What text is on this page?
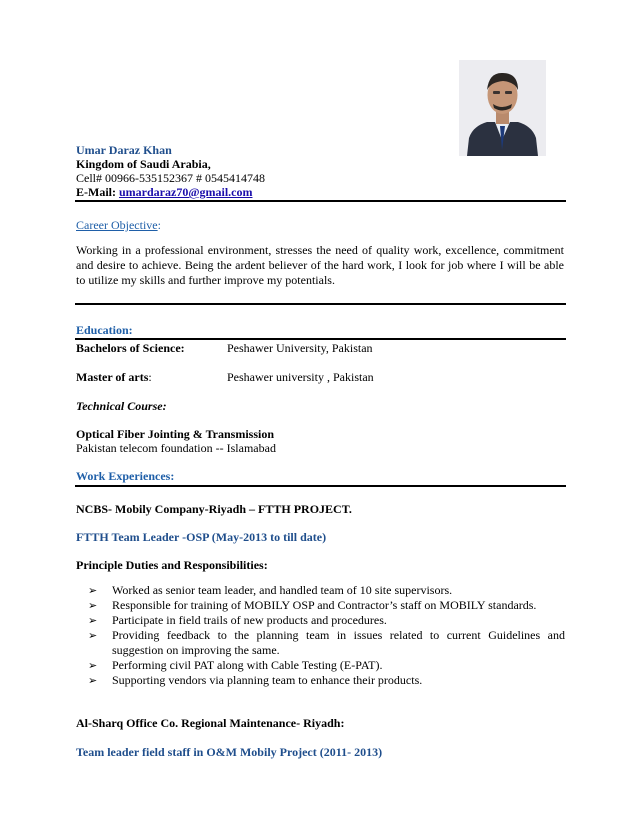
Umar Daraz Khan
Kingdom of Saudi Arabia,
Cell# 00966-535152367 # 0545414748
E-Mail: umardaraz70@gmail.com
Career Objective:
Working in a professional environment, stresses the need of quality work, excellence, commitment and desire to achieve. Being the ardent believer of the hard work, I look for job where I will be able to utilize my skills and further improve my potentials.
Education:
Bachelors of Science:	Peshawer University, Pakistan
Master of arts:	Peshawer university , Pakistan
Technical Course:
Optical Fiber Jointing & Transmission
Pakistan telecom foundation -- Islamabad
Work Experiences:
NCBS- Mobily Company-Riyadh – FTTH PROJECT.
FTTH Team Leader -OSP (May-2013 to till date)
Principle Duties and Responsibilities:
➢ Worked as senior team leader, and handled team of 10 site supervisors.
➢ Responsible for training of MOBILY OSP and Contractor’s staff on MOBILY standards.
➢ Participate in field trails of new products and procedures.
➢ Providing feedback to the planning team in issues related to current Guidelines and suggestion on improving the same.
➢ Performing civil PAT along with Cable Testing (E-PAT).
➢ Supporting vendors via planning team to enhance their products.
Al-Sharq Office Co. Regional Maintenance- Riyadh:
Team leader field staff in O&M Mobily Project (2011- 2013)
